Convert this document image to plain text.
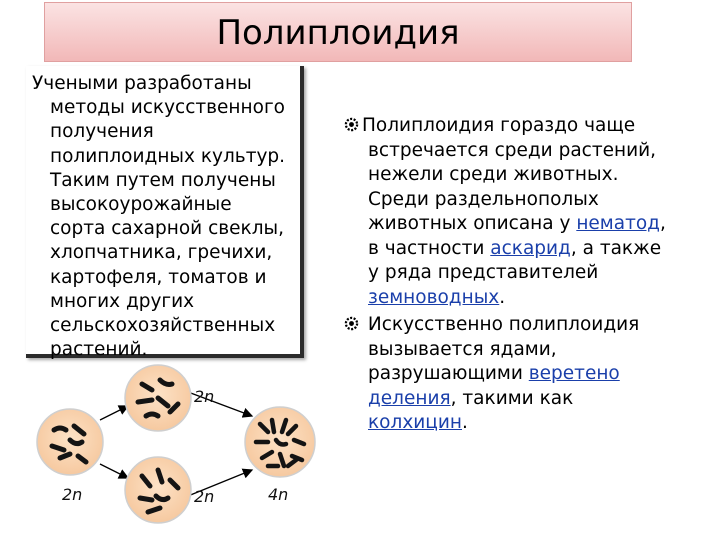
Полиплоидия
Учеными разработаны
методы искусственного
получения
полиплоидных культур.
Таким путем получены
высокоурожайные
сорта сахарной свеклы,
хлопчатника, гречихи,
картофеля, томатов и
многих других
сельскохозяйственных
растений.
2n
2n	2n	4n
Полиплоидия гораздо чаще
встречается среди растений,
нежели среди животных.
Среди раздельнополых
животных описана у нематод,
в частности аскарид, а также
у ряда представителей
земноводных.
Искусственно полиплоидия
вызывается ядами,
разрушающими веретено
деления, такими как
колхицин.
